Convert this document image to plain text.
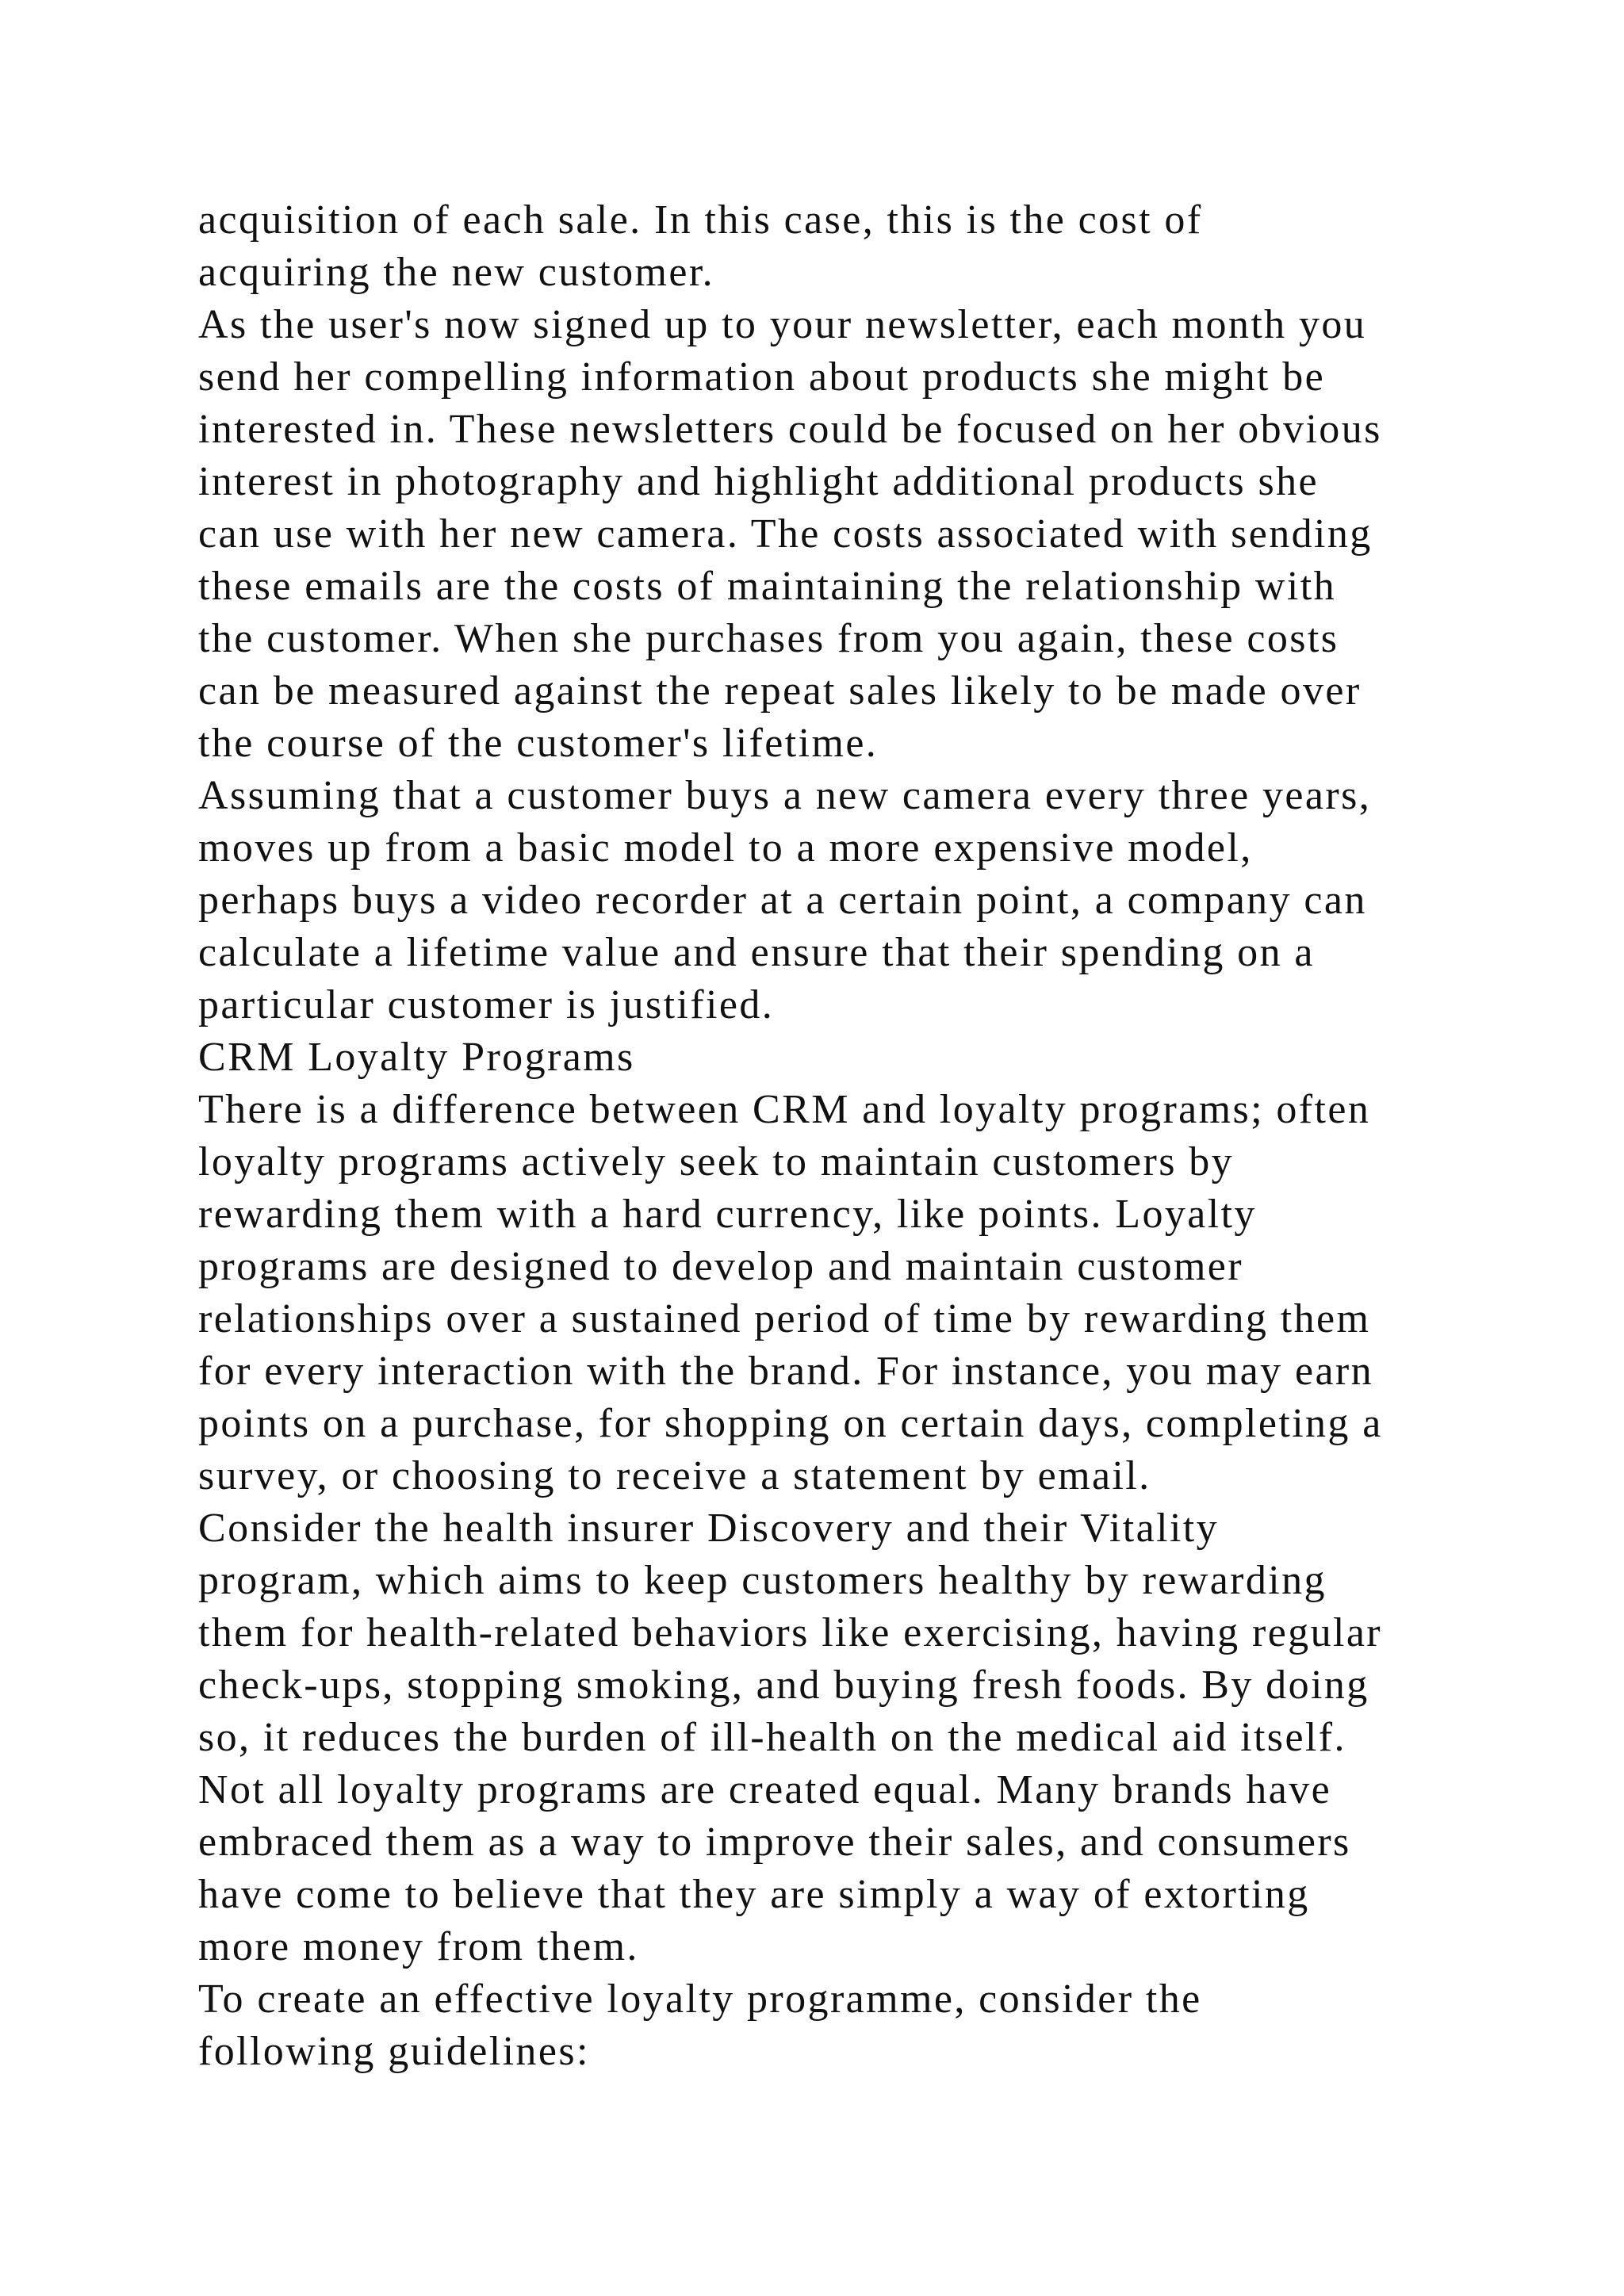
acquisition of each sale. In this case, this is the cost of
acquiring the new customer.
As the user's now signed up to your newsletter, each month you
send her compelling information about products she might be
interested in. These newsletters could be focused on her obvious
interest in photography and highlight additional products she
can use with her new camera. The costs associated with sending
these emails are the costs of maintaining the relationship with
the customer. When she purchases from you again, these costs
can be measured against the repeat sales likely to be made over
the course of the customer's lifetime.
Assuming that a customer buys a new camera every three years,
moves up from a basic model to a more expensive model,
perhaps buys a video recorder at a certain point, a company can
calculate a lifetime value and ensure that their spending on a
particular customer is justified.
CRM Loyalty Programs
There is a difference between CRM and loyalty programs; often
loyalty programs actively seek to maintain customers by
rewarding them with a hard currency, like points. Loyalty
programs are designed to develop and maintain customer
relationships over a sustained period of time by rewarding them
for every interaction with the brand. For instance, you may earn
points on a purchase, for shopping on certain days, completing a
survey, or choosing to receive a statement by email.
Consider the health insurer Discovery and their Vitality
program, which aims to keep customers healthy by rewarding
them for health-related behaviors like exercising, having regular
check-ups, stopping smoking, and buying fresh foods. By doing
so, it reduces the burden of ill-health on the medical aid itself.
Not all loyalty programs are created equal. Many brands have
embraced them as a way to improve their sales, and consumers
have come to believe that they are simply a way of extorting
more money from them.
To create an effective loyalty programme, consider the
following guidelines:
